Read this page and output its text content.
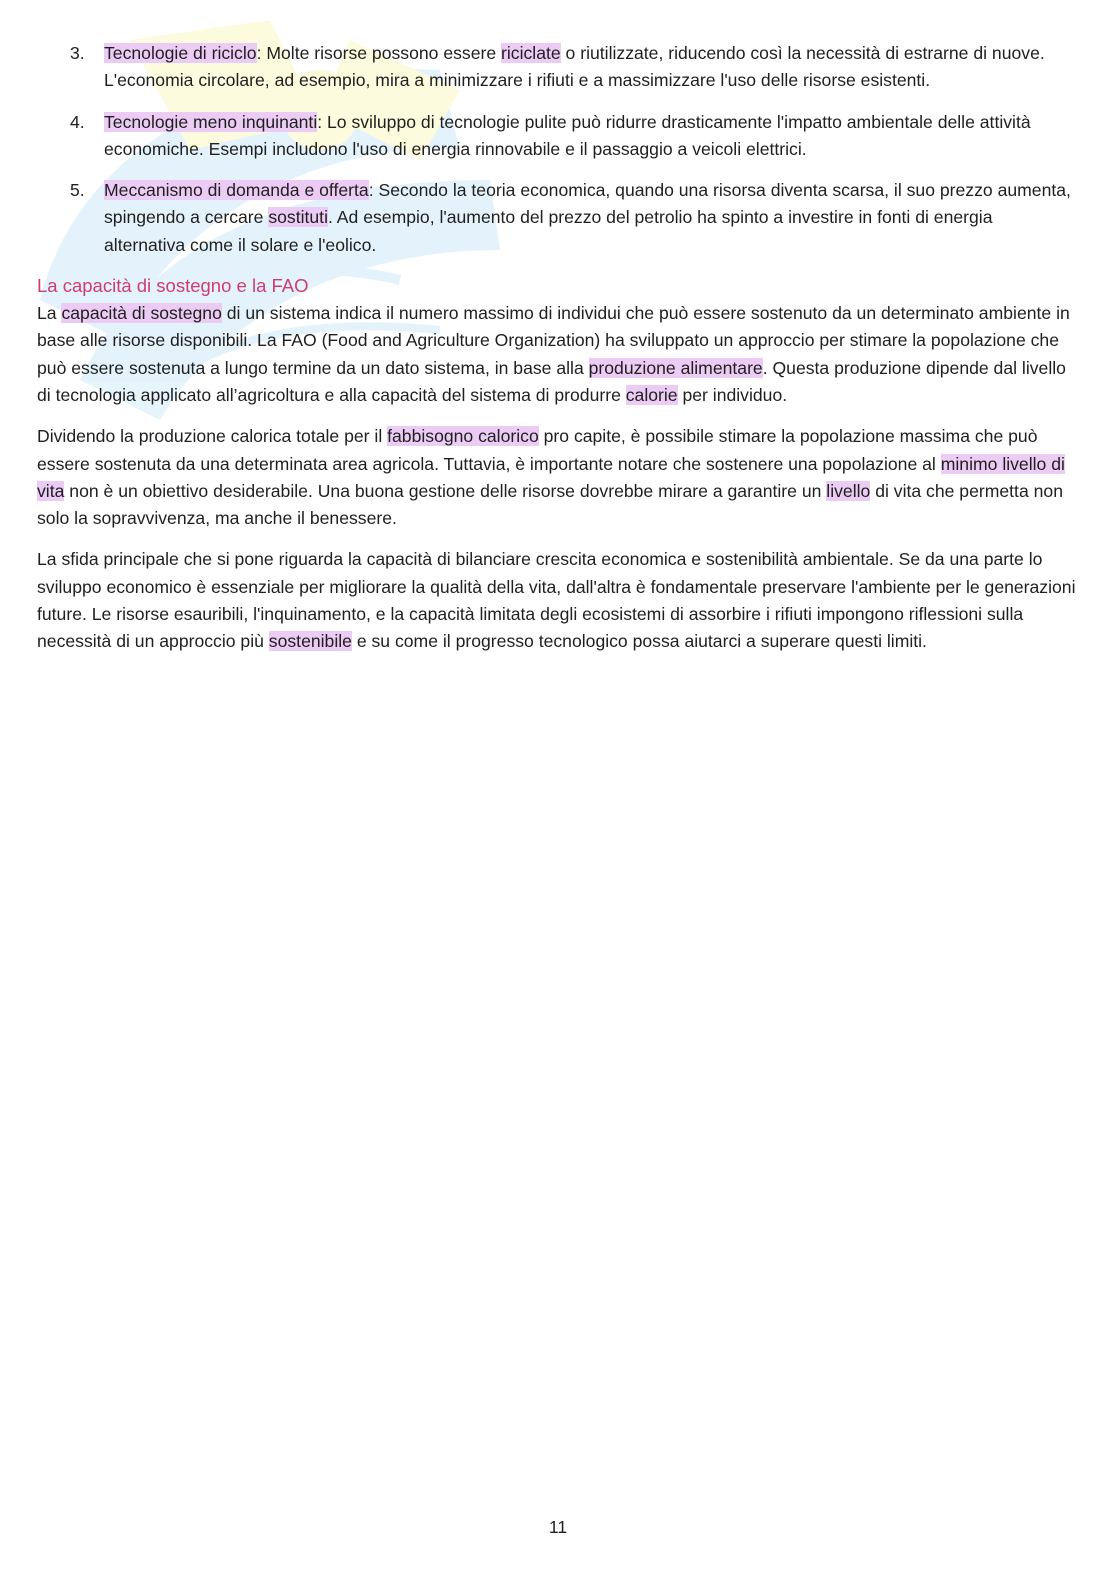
3. Tecnologie di riciclo: Molte risorse possono essere riciclate o riutilizzate, riducendo così la necessità di estrarne di nuove. L'economia circolare, ad esempio, mira a minimizzare i rifiuti e a massimizzare l'uso delle risorse esistenti.
4. Tecnologie meno inquinanti: Lo sviluppo di tecnologie pulite può ridurre drasticamente l'impatto ambientale delle attività economiche. Esempi includono l'uso di energia rinnovabile e il passaggio a veicoli elettrici.
5. Meccanismo di domanda e offerta: Secondo la teoria economica, quando una risorsa diventa scarsa, il suo prezzo aumenta, spingendo a cercare sostituti. Ad esempio, l'aumento del prezzo del petrolio ha spinto a investire in fonti di energia alternativa come il solare e l'eolico.
La capacità di sostegno e la FAO

La capacità di sostegno di un sistema indica il numero massimo di individui che può essere sostenuto da un determinato ambiente in base alle risorse disponibili. La FAO (Food and Agriculture Organization) ha sviluppato un approccio per stimare la popolazione che può essere sostenuta a lungo termine da un dato sistema, in base alla produzione alimentare. Questa produzione dipende dal livello di tecnologia applicato all’agricoltura e alla capacità del sistema di produrre calorie per individuo.

Dividendo la produzione calorica totale per il fabbisogno calorico pro capite, è possibile stimare la popolazione massima che può essere sostenuta da una determinata area agricola. Tuttavia, è importante notare che sostenere una popolazione al minimo livello di vita non è un obiettivo desiderabile. Una buona gestione delle risorse dovrebbe mirare a garantire un livello di vita che permetta non solo la sopravvivenza, ma anche il benessere.

La sfida principale che si pone riguarda la capacità di bilanciare crescita economica e sostenibilità ambientale. Se da una parte lo sviluppo economico è essenziale per migliorare la qualità della vita, dall'altra è fondamentale preservare l'ambiente per le generazioni future. Le risorse esauribili, l'inquinamento, e la capacità limitata degli ecosistemi di assorbire i rifiuti impongono riflessioni sulla necessità di un approccio più sostenibile e su come il progresso tecnologico possa aiutarci a superare questi limiti.

11
